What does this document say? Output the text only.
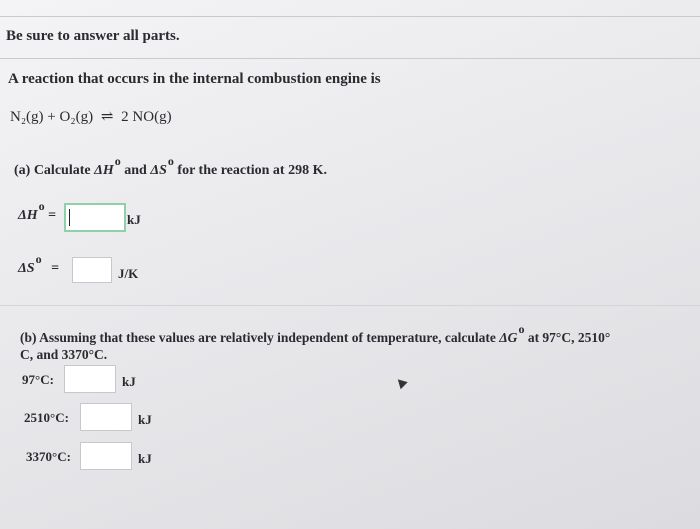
Be sure to answer all parts.
A reaction that occurs in the internal combustion engine is
N₂(g) + O₂(g) ⇌ 2 NO(g)
(a) Calculate ΔHo and ΔSo for the reaction at 298 K.
ΔHo =	kJ
ΔSo =	J/K
(b) Assuming that these values are relatively independent of temperature, calculate ΔGo at 97°C, 2510°
C, and 3370°C.
97°C:	kJ
2510°C:	kJ
3370°C:	kJ
